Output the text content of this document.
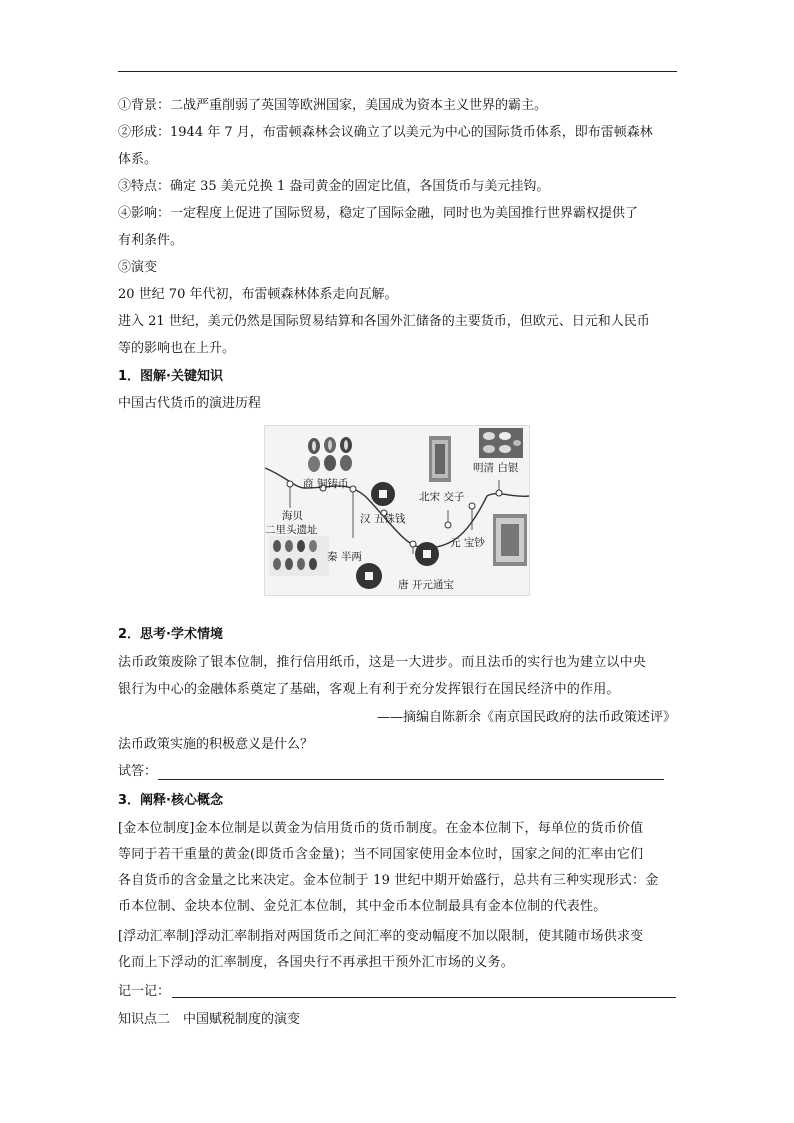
①背景：二战严重削弱了英国等欧洲国家，美国成为资本主义世界的霸主。
②形成：1944 年 7 月，布雷顿森林会议确立了以美元为中心的国际货币体系，即布雷顿森林
体系。
③特点：确定 35 美元兑换 1 盎司黄金的固定比值，各国货币与美元挂钩。
④影响：一定程度上促进了国际贸易，稳定了国际金融，同时也为美国推行世界霸权提供了
有利条件。
⑤演变
20 世纪 70 年代初，布雷顿森林体系走向瓦解。
进入 21 世纪，美元仍然是国际贸易结算和各国外汇储备的主要货币，但欧元、日元和人民币
等的影响也在上升。
1．图解·关键知识
中国古代货币的演进历程
海贝
二里头遗址
商 铜铸币
秦 半两
汉 五铢钱
唐 开元通宝
北宋 交子
元 宝钞
明清 白银
2．思考·学术情境
法币政策废除了银本位制，推行信用纸币，这是一大进步。而且法币的实行也为建立以中央
银行为中心的金融体系奠定了基础，客观上有利于充分发挥银行在国民经济中的作用。
——摘编自陈新余《南京国民政府的法币政策述评》
法币政策实施的积极意义是什么？
试答：
3．阐释·核心概念
[金本位制度]金本位制是以黄金为信用货币的货币制度。在金本位制下，每单位的货币价值
等同于若干重量的黄金(即货币含金量)；当不同国家使用金本位时，国家之间的汇率由它们
各自货币的含金量之比来决定。金本位制于 19 世纪中期开始盛行，总共有三种实现形式：金
币本位制、金块本位制、金兑汇本位制，其中金币本位制最具有金本位制的代表性。
[浮动汇率制]浮动汇率制指对两国货币之间汇率的变动幅度不加以限制，使其随市场供求变
化而上下浮动的汇率制度，各国央行不再承担干预外汇市场的义务。
记一记：
知识点二　中国赋税制度的演变
